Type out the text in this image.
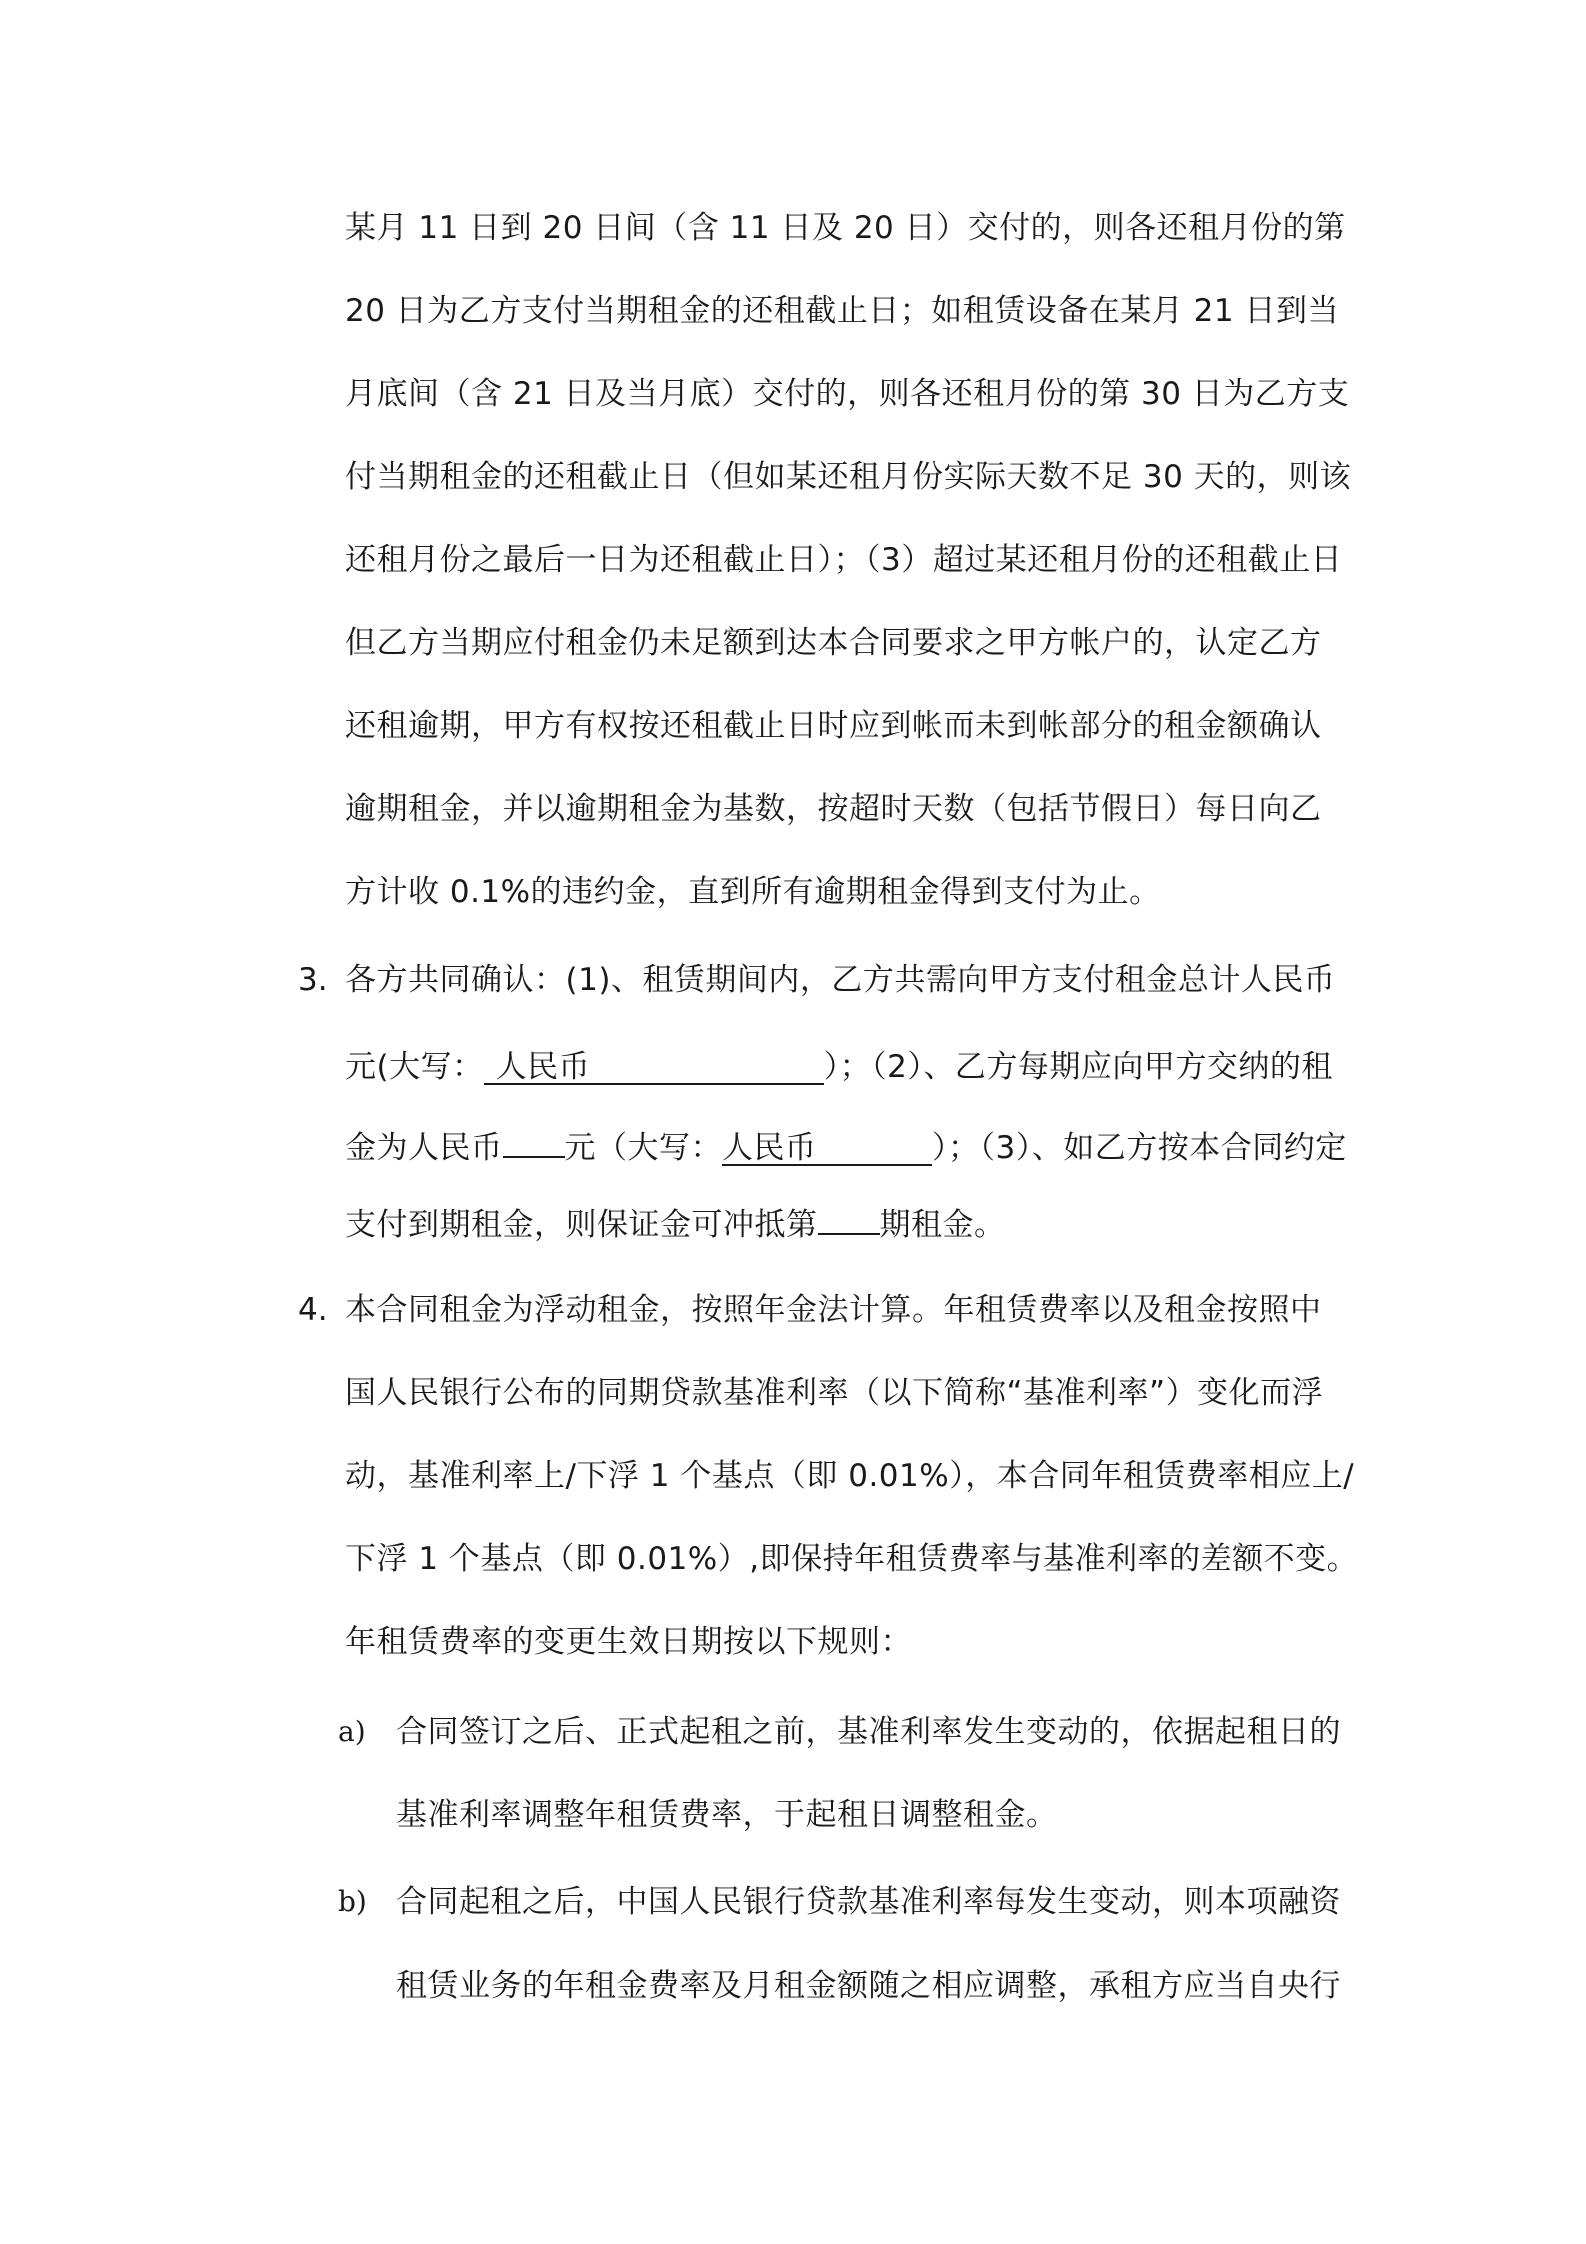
某月 11 日到 20 日间（含 11 日及 20 日）交付的，则各还租月份的第
20 日为乙方支付当期租金的还租截止日；如租赁设备在某月 21 日到当
月底间（含 21 日及当月底）交付的，则各还租月份的第 30 日为乙方支
付当期租金的还租截止日（但如某还租月份实际天数不足 30 天的，则该
还租月份之最后一日为还租截止日）；（3）超过某还租月份的还租截止日
但乙方当期应付租金仍未足额到达本合同要求之甲方帐户的，认定乙方
还租逾期，甲方有权按还租截止日时应到帐而未到帐部分的租金额确认
逾期租金，并以逾期租金为基数，按超时天数（包括节假日）每日向乙
方计收 0.1%的违约金，直到所有逾期租金得到支付为止。
3. 各方共同确认：(1)、租赁期间内，乙方共需向甲方支付租金总计人民币
元(大写： 人民币	）；（2）、乙方每期应向甲方交纳的租
金为人民币 元（大写：人民币	）；（3）、如乙方按本合同约定
支付到期租金，则保证金可冲抵第 期租金。
4. 本合同租金为浮动租金，按照年金法计算。年租赁费率以及租金按照中
国人民银行公布的同期贷款基准利率（以下简称“基准利率”）变化而浮
动，基准利率上/下浮 1 个基点（即 0.01%），本合同年租赁费率相应上/
下浮 1 个基点（即 0.01%）,即保持年租赁费率与基准利率的差额不变。
年租赁费率的变更生效日期按以下规则：
a) 合同签订之后、正式起租之前，基准利率发生变动的，依据起租日的
基准利率调整年租赁费率，于起租日调整租金。
b) 合同起租之后，中国人民银行贷款基准利率每发生变动，则本项融资
租赁业务的年租金费率及月租金额随之相应调整，承租方应当自央行
